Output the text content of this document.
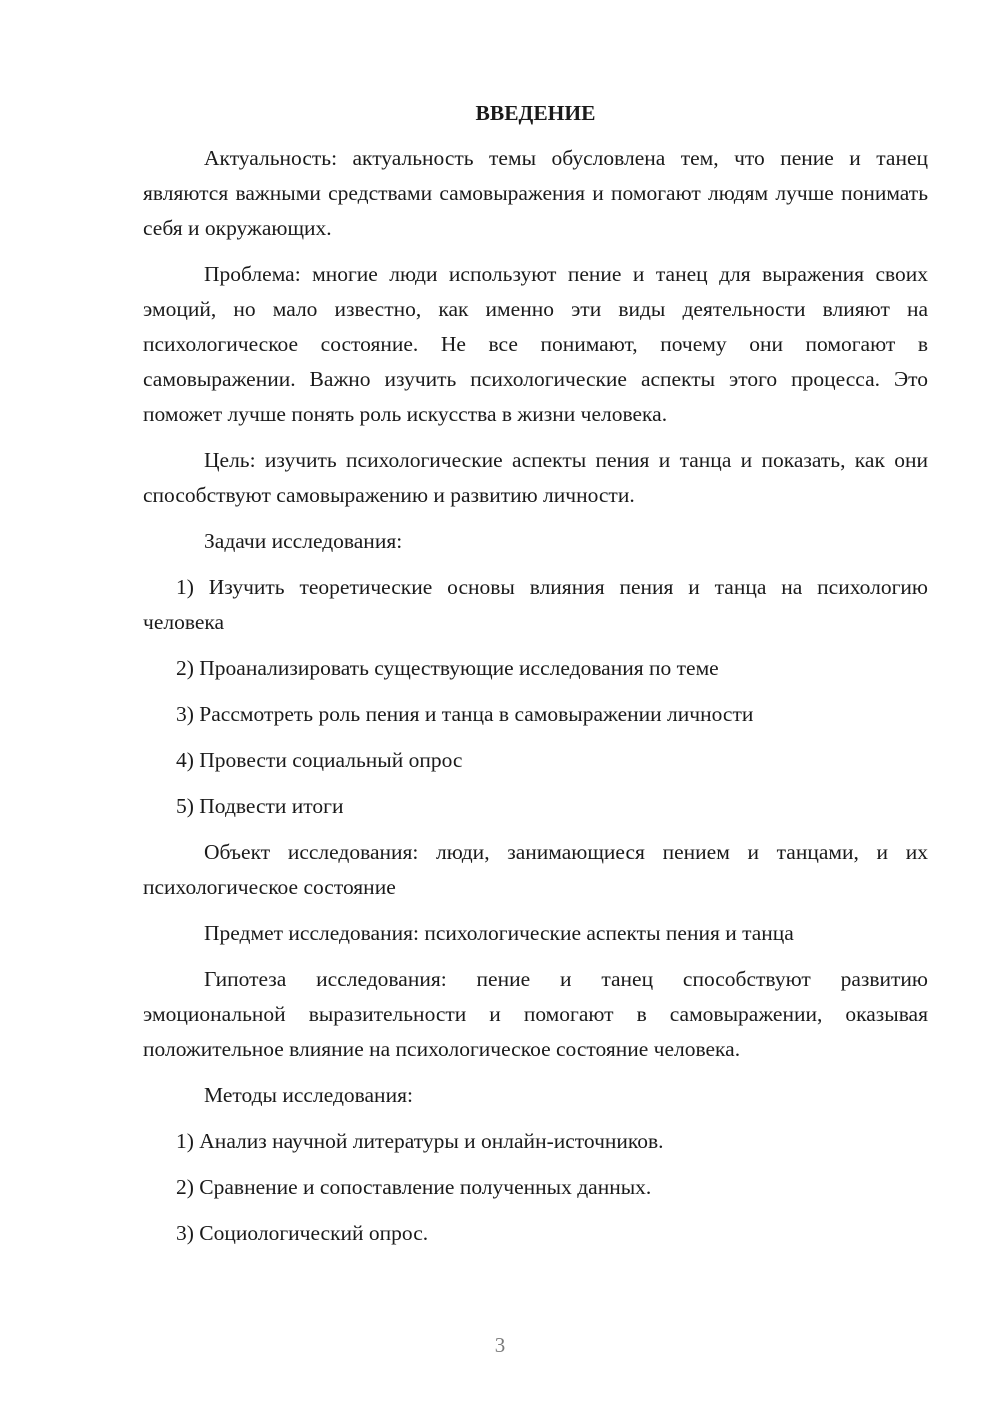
ВВЕДЕНИЕ

Актуальность: актуальность темы обусловлена тем, что пение и танец являются важными средствами самовыражения и помогают людям лучше понимать себя и окружающих.

Проблема: многие люди используют пение и танец для выражения своих эмоций, но мало известно, как именно эти виды деятельности влияют на психологическое состояние. Не все понимают, почему они помогают в самовыражении. Важно изучить психологические аспекты этого процесса. Это поможет лучше понять роль искусства в жизни человека.

Цель: изучить психологические аспекты пения и танца и показать, как они способствуют самовыражению и развитию личности.

Задачи исследования:

1) Изучить теоретические основы влияния пения и танца на психологию человека

2) Проанализировать существующие исследования по теме

3) Рассмотреть роль пения и танца в самовыражении личности

4) Провести социальный опрос

5) Подвести итоги

Объект исследования: люди, занимающиеся пением и танцами, и их психологическое состояние

Предмет исследования: психологические аспекты пения и танца

Гипотеза исследования: пение и танец способствуют развитию эмоциональной выразительности и помогают в самовыражении, оказывая положительное влияние на психологическое состояние человека.

Методы исследования:

1) Анализ научной литературы и онлайн-источников.

2) Сравнение и сопоставление полученных данных.

3) Социологический опрос.

3
